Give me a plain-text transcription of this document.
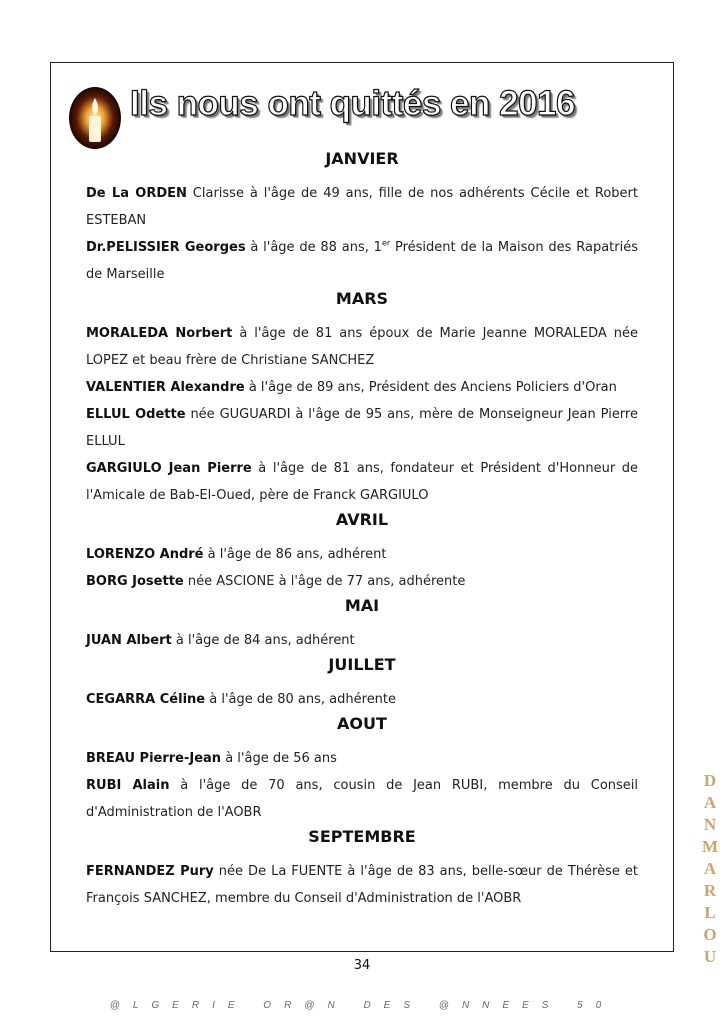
Ils nous ont quittés en 2016
JANVIER

De La ORDEN Clarisse à l'âge de 49 ans, fille de nos adhérents Cécile et Robert ESTEBAN

Dr.PELISSIER Georges à l'âge de 88 ans, 1er Président de la Maison des Rapatriés de Marseille

MARS

MORALEDA Norbert à l'âge de 81 ans époux de Marie Jeanne MORALEDA née LOPEZ et beau frère de Christiane SANCHEZ

VALENTIER Alexandre à l'âge de 89 ans, Président des Anciens Policiers d'Oran

ELLUL Odette née GUGUARDI à l'âge de 95 ans, mère de Monseigneur Jean Pierre ELLUL

GARGIULO Jean Pierre à l'âge de 81 ans, fondateur et Président d'Honneur de l'Amicale de Bab-El-Oued, père de Franck GARGIULO

AVRIL

LORENZO André à l'âge de 86 ans, adhérent

BORG Josette née ASCIONE à l'âge de 77 ans, adhérente

MAI

JUAN Albert à l'âge de 84 ans, adhérent

JUILLET

CEGARRA Céline à l'âge de 80 ans, adhérente

AOUT

BREAU Pierre-Jean à l'âge de 56 ans

RUBI Alain à l'âge de 70 ans, cousin de Jean RUBI, membre du Conseil d'Administration de l'AOBR

SEPTEMBRE

FERNANDEZ Pury née De La FUENTE à l'âge de 83 ans, belle-sœur de Thérèse et François SANCHEZ, membre du Conseil d'Administration de l'AOBR

34
@LGERIE OR@N DES @NNEES 50
D
A
N
M
A
R
L
O
U
